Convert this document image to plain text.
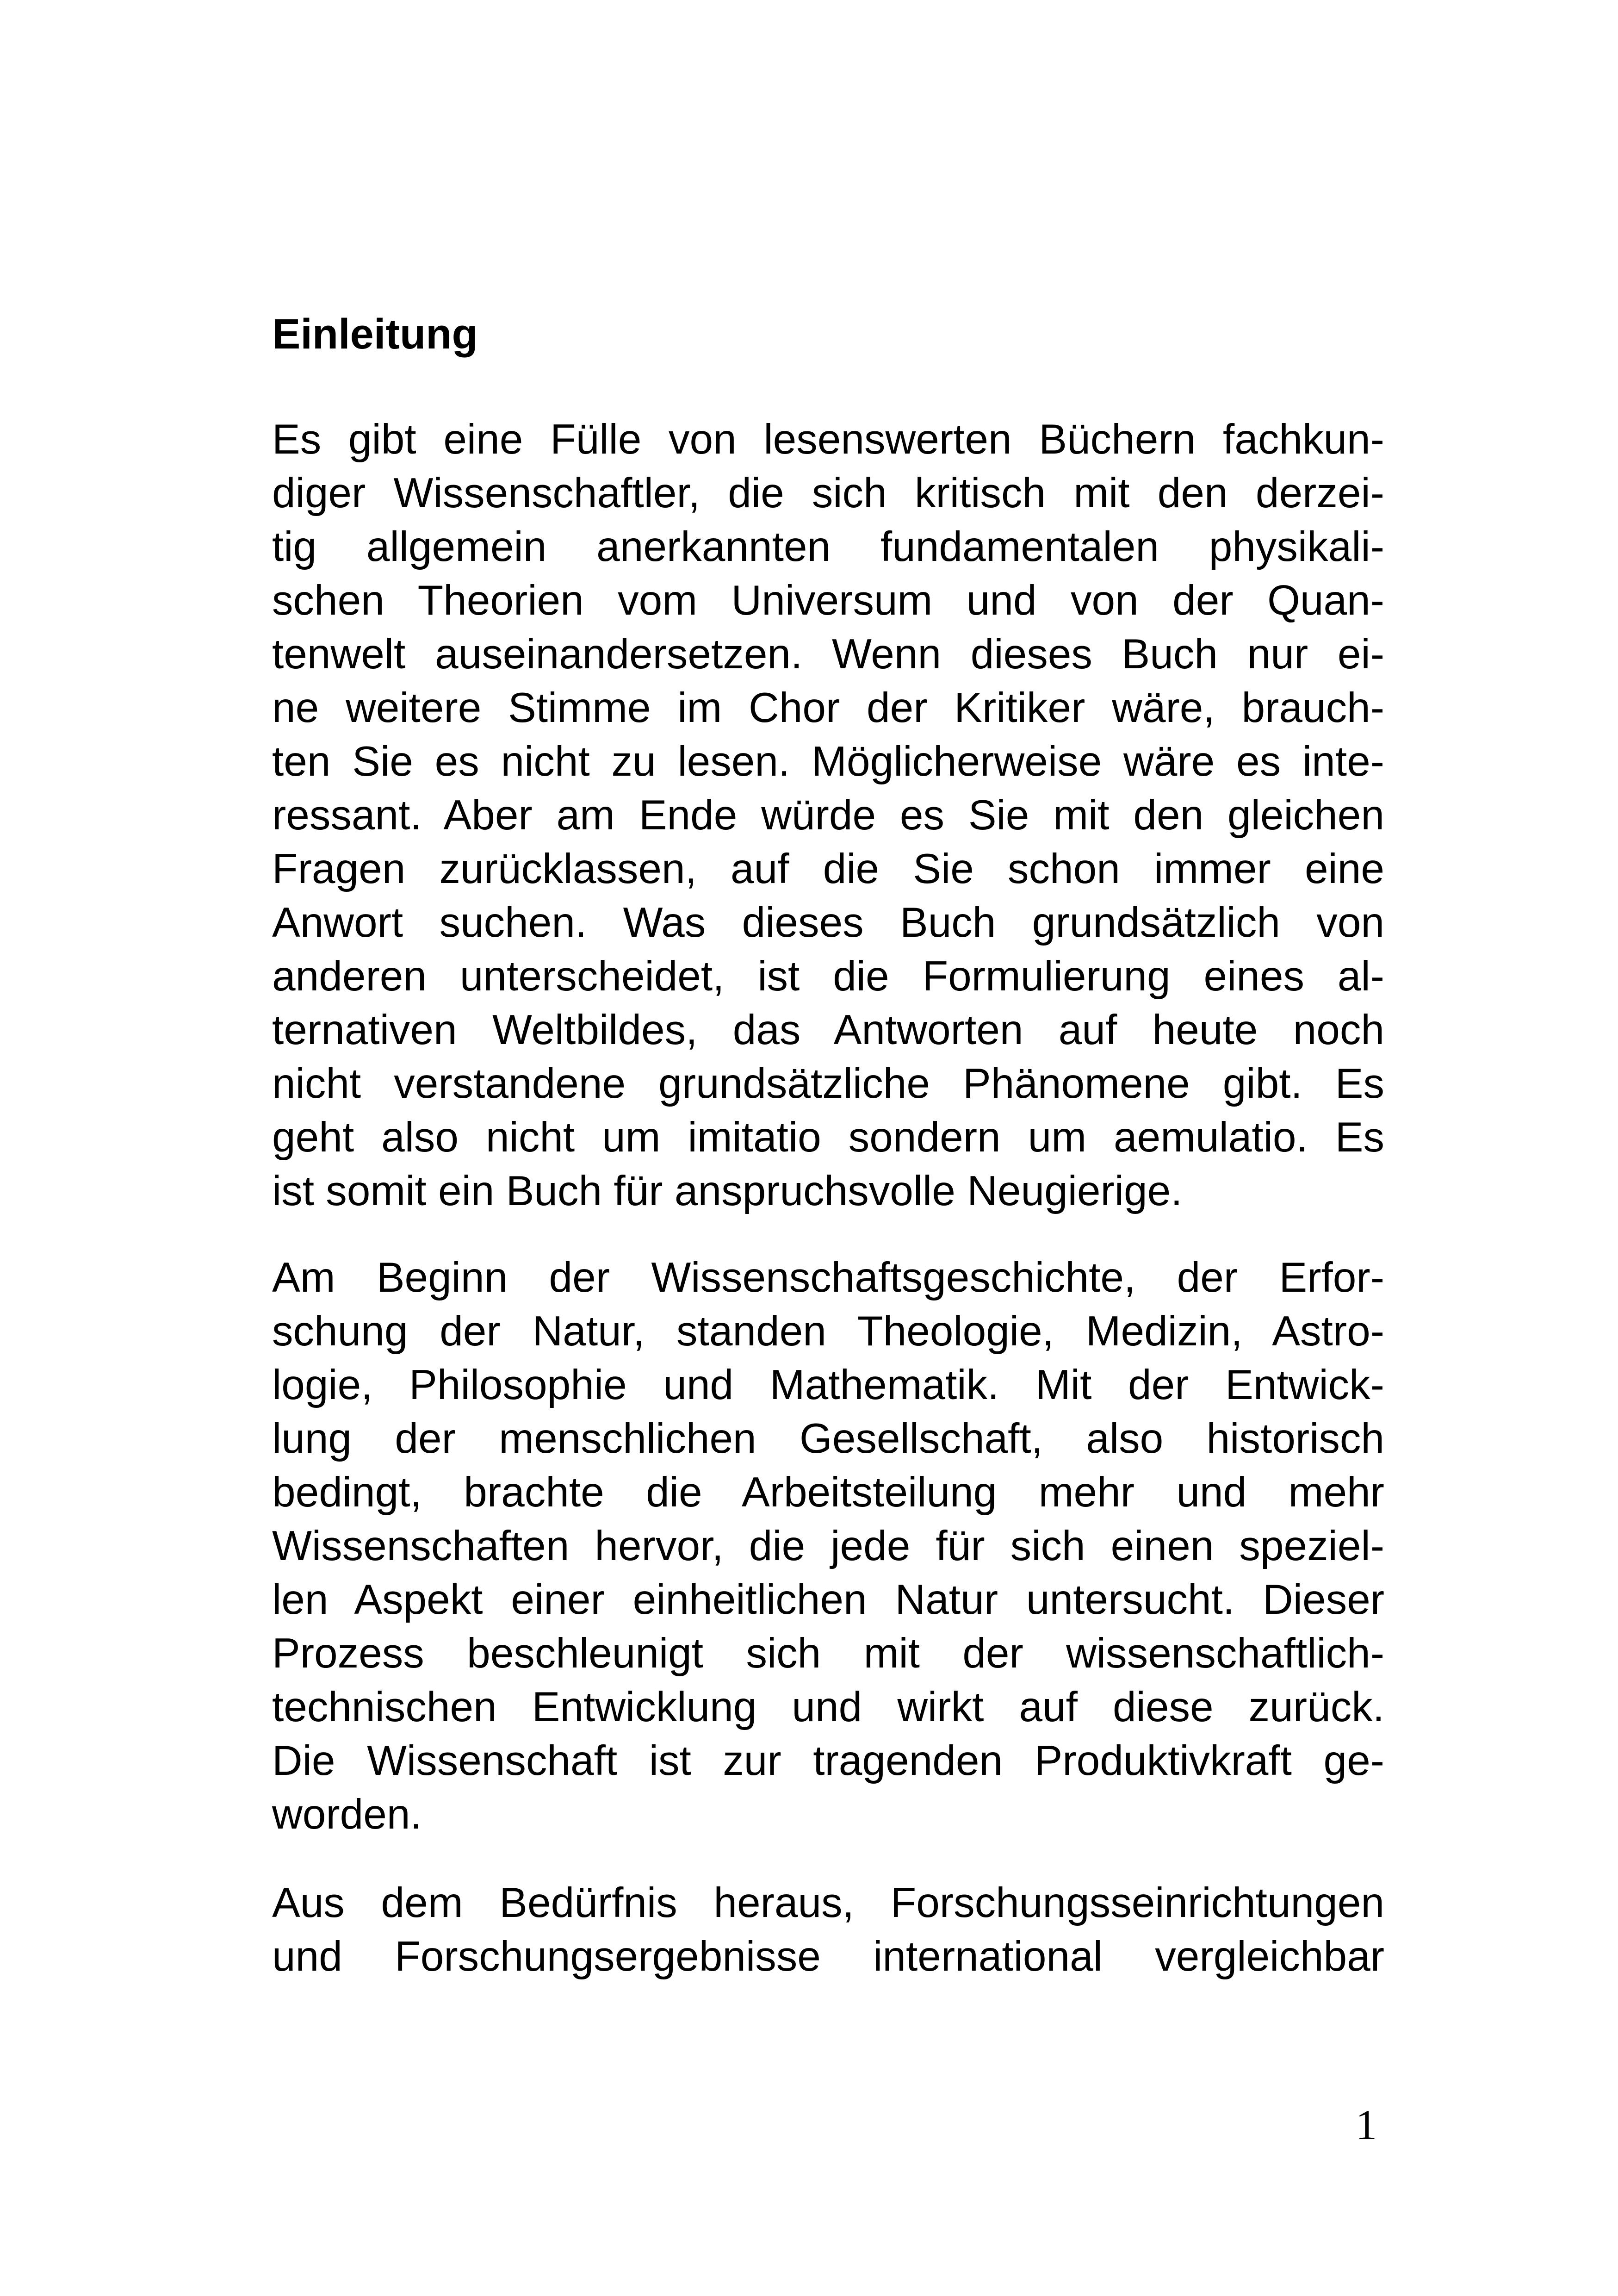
Einleitung
Es gibt eine Fülle von lesenswerten Büchern fachkun-
diger Wissenschaftler, die sich kritisch mit den derzei-
tig allgemein anerkannten fundamentalen physikali-
schen Theorien vom Universum und von der Quan-
tenwelt auseinandersetzen. Wenn dieses Buch nur ei-
ne weitere Stimme im Chor der Kritiker wäre, brauch-
ten Sie es nicht zu lesen. Möglicherweise wäre es inte-
ressant. Aber am Ende würde es Sie mit den gleichen
Fragen zurücklassen, auf die Sie schon immer eine
Anwort suchen. Was dieses Buch grundsätzlich von
anderen unterscheidet, ist die Formulierung eines al-
ternativen Weltbildes, das Antworten auf heute noch
nicht verstandene grundsätzliche Phänomene gibt. Es
geht also nicht um imitatio sondern um aemulatio. Es
ist somit ein Buch für anspruchsvolle Neugierige.
Am Beginn der Wissenschaftsgeschichte, der Erfor-
schung der Natur, standen Theologie, Medizin, Astro-
logie, Philosophie und Mathematik. Mit der Entwick-
lung der menschlichen Gesellschaft, also historisch
bedingt, brachte die Arbeitsteilung mehr und mehr
Wissenschaften hervor, die jede für sich einen speziel-
len Aspekt einer einheitlichen Natur untersucht. Dieser
Prozess beschleunigt sich mit der wissenschaftlich-
technischen Entwicklung und wirkt auf diese zurück.
Die Wissenschaft ist zur tragenden Produktivkraft ge-
worden.
Aus dem Bedürfnis heraus, Forschungsseinrichtungen
und Forschungsergebnisse international vergleichbar
1
